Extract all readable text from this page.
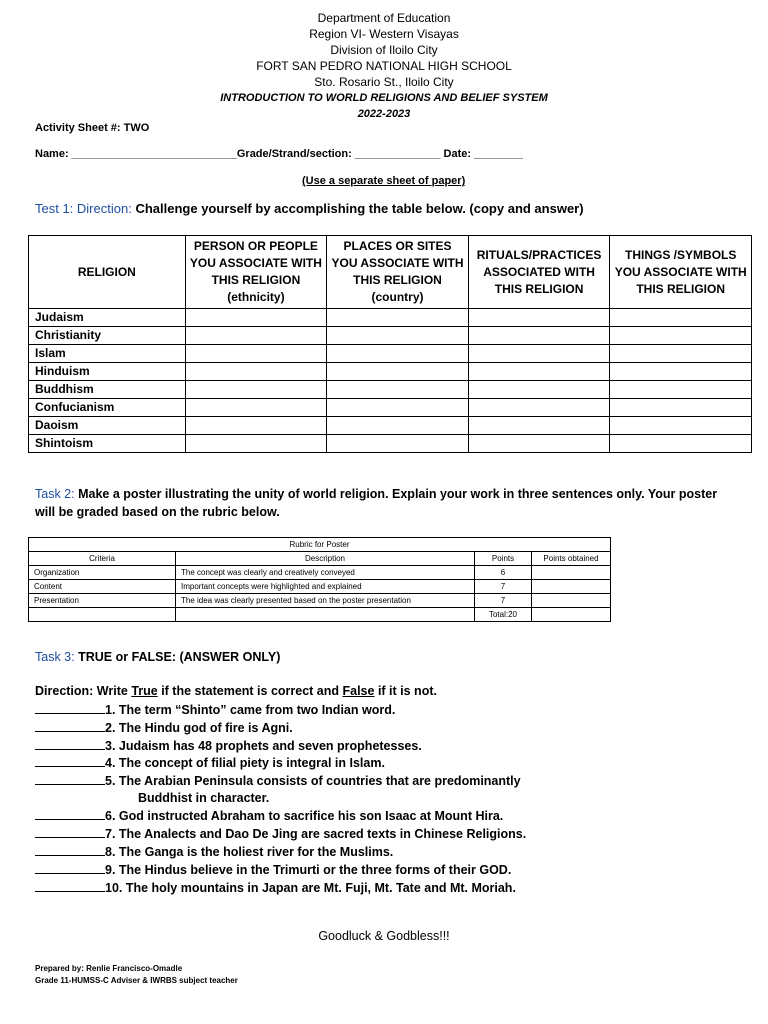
Department of Education
Region VI- Western Visayas
Division of Iloilo City
FORT SAN PEDRO NATIONAL HIGH SCHOOL
Sto. Rosario St., Iloilo City
INTRODUCTION TO WORLD RELIGIONS AND BELIEF SYSTEM
2022-2023
Activity Sheet #: TWO
Name: ___________________________Grade/Strand/section: ______________ Date: ________
(Use a separate sheet of paper)
Test 1: Direction: Challenge yourself by accomplishing the table below. (copy and answer)
RELIGION	PERSON OR PEOPLE YOU ASSOCIATE WITH THIS RELIGION (ethnicity)	PLACES OR SITES YOU ASSOCIATE WITH THIS RELIGION (country)	RITUALS/PRACTICES ASSOCIATED WITH THIS RELIGION	THINGS /SYMBOLS YOU ASSOCIATE WITH THIS RELIGION
Judaism				
Christianity				
Islam				
Hinduism				
Buddhism				
Confucianism				
Daoism				
Shintoism				
Task 2: Make a poster illustrating the unity of world religion. Explain your work in three sentences only. Your poster will be graded based on the rubric below.
Rubric for Poster			
Criteria	Description	Points	Points obtained
Organization	The concept was clearly and creatively conveyed	6	
Content	Important concepts were highlighted and explained	7	
Presentation	The idea was clearly presented based on the poster presentation	7	
		Total:20	
Task 3: TRUE or FALSE: (ANSWER ONLY)
Direction: Write True if the statement is correct and False if it is not.
1. The term “Shinto” came from two Indian word.
2. The Hindu god of fire is Agni.
3. Judaism has 48 prophets and seven prophetesses.
4. The concept of filial piety is integral in Islam.
5. The Arabian Peninsula consists of countries that are predominantly
Buddhist in character.
6. God instructed Abraham to sacrifice his son Isaac at Mount Hira.
7. The Analects and Dao De Jing are sacred texts in Chinese Religions.
8. The Ganga is the holiest river for the Muslims.
9. The Hindus believe in the Trimurti or the three forms of their GOD.
10. The holy mountains in Japan are Mt. Fuji, Mt. Tate and Mt. Moriah.
Goodluck & Godbless!!!
Prepared by: Renlie Francisco-Omadle
Grade 11-HUMSS-C Adviser & IWRBS subject teacher
